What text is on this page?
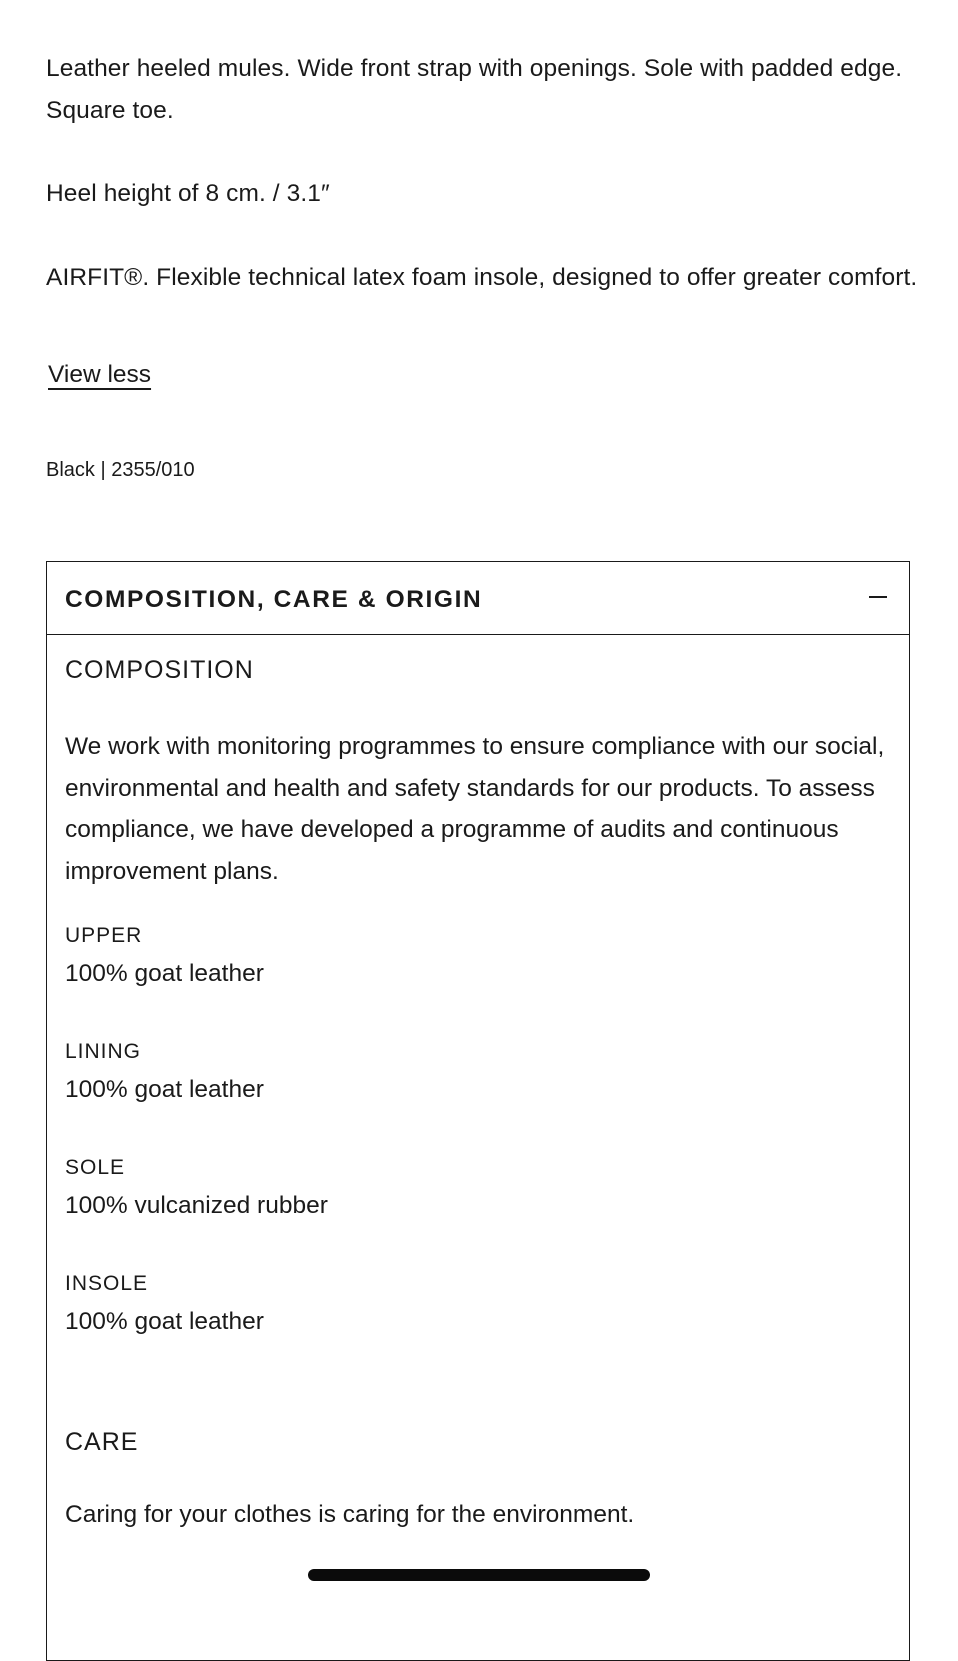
Leather heeled mules. Wide front strap with openings. Sole with padded edge. Square toe.

Heel height of 8 cm. / 3.1″

AIRFIT®. Flexible technical latex foam insole, designed to offer greater comfort.

View less
Black | 2355/010
COMPOSITION, CARE & ORIGIN
COMPOSITION
We work with monitoring programmes to ensure compliance with our social, environmental and health and safety standards for our products. To assess compliance, we have developed a programme of audits and continuous improvement plans.
UPPER
100% goat leather
LINING
100% goat leather
SOLE
100% vulcanized rubber
INSOLE
100% goat leather
CARE
Caring for your clothes is caring for the environment.
